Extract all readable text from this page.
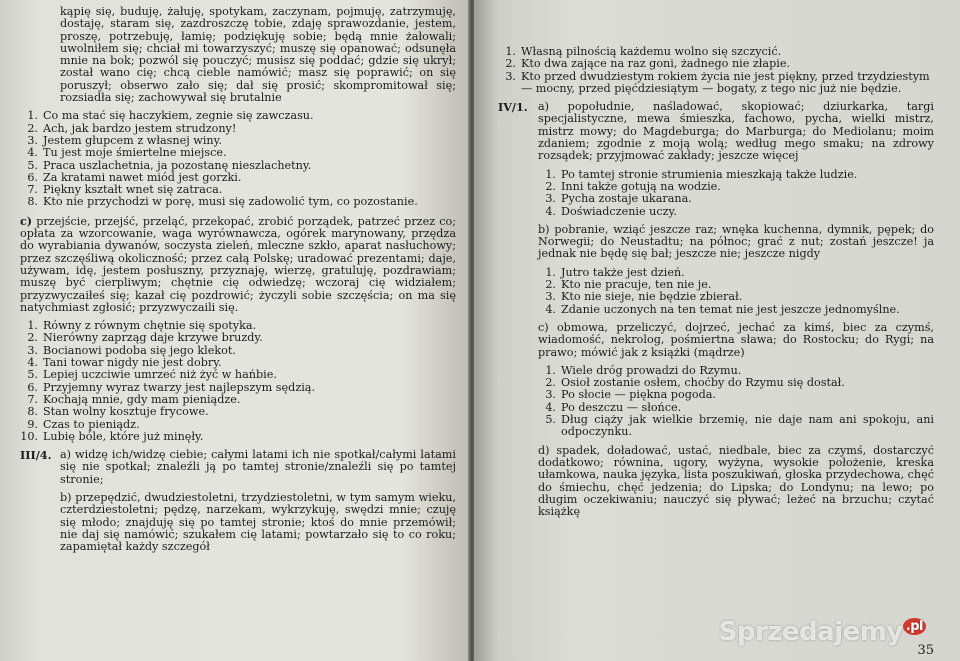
kąpię się, buduję, żałuję, spotykam, zaczynam, pojmuję, zatrzymuję, dostaję, staram się, zazdroszczę tobie, zdaję sprawozdanie, jestem, proszę, potrzebuję, łamię; podziękuję sobie; będą mnie żałowali; uwolniłem się; chciał mi towarzyszyć; muszę się opanować; odsunęła mnie na bok; pozwól się pouczyć; musisz się poddać; gdzie się ukrył; został wano cię; chcą cieble namówić; masz się poprawić; on się poruszył; obserwo zało się; dał się prosić; skompromitował się; rozsiadła się; zachowywał się brutalnie

1. Co ma stać się haczykiem, zegnie się zawczasu.
2. Ach, jak bardzo jestem strudzony!
3. Jestem głupcem z własnej winy.
4. Tu jest moje śmiertelne miejsce.
5. Praca uszlachetnia, ja pozostanę nieszlachetny.
6. Za kratami nawet miód jest gorzki.
7. Piękny kształt wnet się zatraca.
8. Kto nie przychodzi w porę, musi się zadowolić tym, co pozostanie.

c) przejście, przejść, przeląć, przekopać, zrobić porządek, patrzeć przez co; opłata za wzorcowanie, waga wyrównawcza, ogórek marynowany, przędza do wyrabiania dywanów, soczysta zieleń, mleczne szkło, aparat nasłuchowy; przez szczęśliwą okoliczność; przez całą Polskę; uradować prezentami; daje, używam, idę, jestem posłuszny, przyznaję, wierzę, gratuluję, pozdrawiam; muszę być cierpliwym; chętnie cię odwiedzę; wczoraj cię widziałem; przyzwyczaiłeś się; kazał cię pozdrowić; życzyli sobie szczęścia; on ma się natychmiast zgłosić; przyzwyczaili się.

1. Równy z równym chętnie się spotyka.
2. Nierówny zaprząg daje krzywe bruzdy.
3. Bocianowi podoba się jego klekot.
4. Tani towar nigdy nie jest dobry.
5. Lepiej uczciwie umrzeć niż żyć w hańbie.
6. Przyjemny wyraz twarzy jest najlepszym sędzią.
7. Kochają mnie, gdy mam pieniądze.
8. Stan wolny kosztuje frycowe.
9. Czas to pieniądz.
10. Lubię bóle, które już minęły.
III/4. a) widzę ich/widzę ciebie; całymi latami ich nie spotkał/całymi latami się nie spotkał; znaleźli ją po tamtej stronie/znaleźli się po tamtej stronie;

b) przepędzić, dwudziestoletni, trzydziestoletni, w tym samym wieku, czterdziestoletni; pędzę, narzekam, wykrzykuję, swędzi mnie; czuję się młodo; znajduję się po tamtej stronie; ktoś do mnie przemówił; nie daj się namówić; szukałem cię latami; powtarzało się to co roku; zapamiętał każdy szczegół

1. Własną pilnością każdemu wolno się szczycić.
2. Kto dwa zające na raz goni, żadnego nie złapie.
3. Kto przed dwudziestym rokiem życia nie jest piękny, przed trzydziestym — mocny, przed pięćdziesiątym — bogaty, z tego nic już nie będzie.
IV/1. a) popołudnie, naśladować, skopiować; dziurkarka, targi specjalistyczne, mewa śmieszka, fachowo, pycha, wielki mistrz, mistrz mowy; do Magdeburga; do Marburga; do Mediolanu; moim zdaniem; zgodnie z moją wolą; według mego smaku; na zdrowy rozsądek; przyjmować zakłady; jeszcze więcej

1. Po tamtej stronie strumienia mieszkają także ludzie.
2. Inni także gotują na wodzie.
3. Pycha zostaje ukarana.
4. Doświadczenie uczy.

b) pobranie, wziąć jeszcze raz; wnęka kuchenna, dymnik, pępek; do Norwegii; do Neustadtu; na północ; grać z nut; zostań jeszcze! ja jednak nie będę się bał; jeszcze nie; jeszcze nigdy

1. Jutro także jest dzień.
2. Kto nie pracuje, ten nie je.
3. Kto nie sieje, nie będzie zbierał.
4. Zdanie uczonych na ten temat nie jest jeszcze jednomyślne.

c) obmowa, przeliczyć, dojrzeć, jechać za kimś, biec za czymś, wiadomość, nekrolog, pośmiertna sława; do Rostocku; do Rygi; na prawo; mówić jak z książki (mądrze)

1. Wiele dróg prowadzi do Rzymu.
2. Osioł zostanie osłem, choćby do Rzymu się dostał.
3. Po słocie — piękna pogoda.
4. Po deszczu — słońce.
5. Dług ciąży jak wielkie brzemię, nie daje nam ani spokoju, ani odpoczynku.

d) spadek, doładować, ustać, niedbale, biec za czymś, dostarczyć dodatkowo; równina, ugory, wyżyna, wysokie położenie, kreska ułamkowa, nauka języka, lista poszukiwań, głoska przydechowa, chęć do śmiechu, chęć jedzenia; do Lipska; do Londynu; na lewo; po długim oczekiwaniu; nauczyć się pływać; leżeć na brzuchu; czytać książkę

35
Sprzedajemy $^{.pl}$
